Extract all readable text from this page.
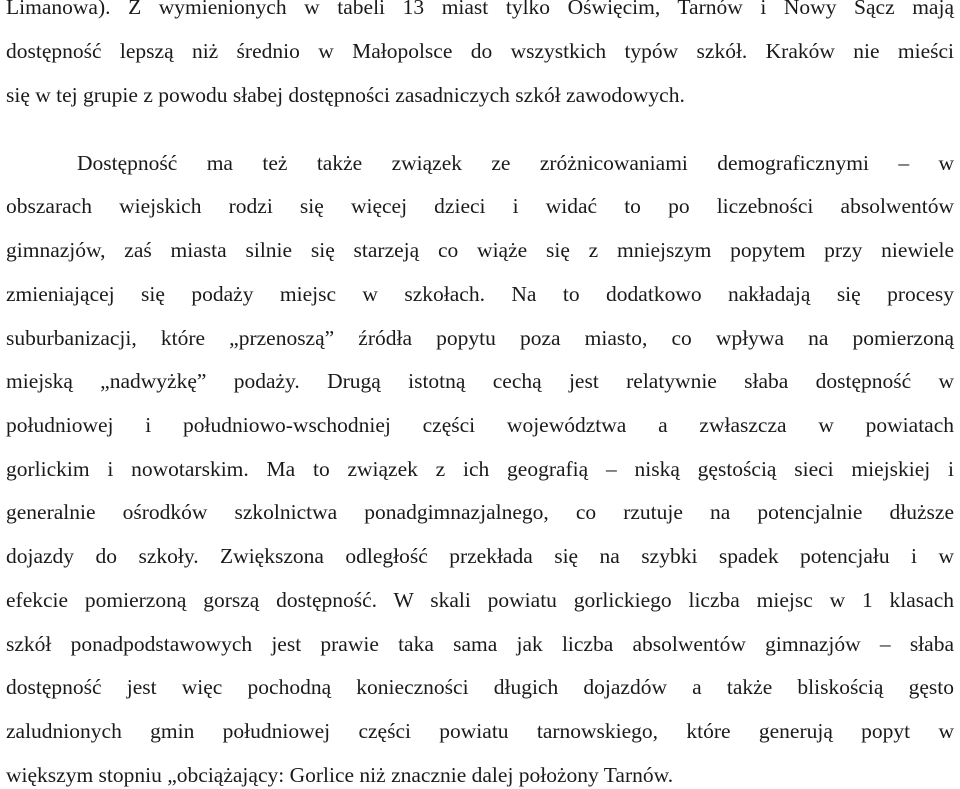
Limanowa). Z wymienionych w tabeli 13 miast tylko Oświęcim, Tarnów i Nowy Sącz mają

dostępność lepszą niż średnio w Małopolsce do wszystkich typów szkół. Kraków nie mieści

się w tej grupie z powodu słabej dostępności zasadniczych szkół zawodowych.

Dostępność ma też także związek ze zróżnicowaniami demograficznymi – w

obszarach wiejskich rodzi się więcej dzieci i widać to po liczebności absolwentów

gimnazjów, zaś miasta silnie się starzeją co wiąże się z mniejszym popytem przy niewiele

zmieniającej się podaży miejsc w szkołach. Na to dodatkowo nakładają się procesy

suburbanizacji, które „przenoszą” źródła popytu poza miasto, co wpływa na pomierzoną

miejską „nadwyżkę” podaży. Drugą istotną cechą jest relatywnie słaba dostępność w

południowej i południowo-wschodniej części województwa a zwłaszcza w powiatach

gorlickim i nowotarskim. Ma to związek z ich geografią – niską gęstością sieci miejskiej i

generalnie ośrodków szkolnictwa ponadgimnazjalnego, co rzutuje na potencjalnie dłuższe

dojazdy do szkoły. Zwiększona odległość przekłada się na szybki spadek potencjału i w

efekcie pomierzoną gorszą dostępność. W skali powiatu gorlickiego liczba miejsc w 1 klasach

szkół ponadpodstawowych jest prawie taka sama jak liczba absolwentów gimnazjów – słaba

dostępność jest więc pochodną konieczności długich dojazdów a także bliskością gęsto

zaludnionych gmin południowej części powiatu tarnowskiego, które generują popyt w

większym stopniu „obciążający: Gorlice niż znacznie dalej położony Tarnów.
